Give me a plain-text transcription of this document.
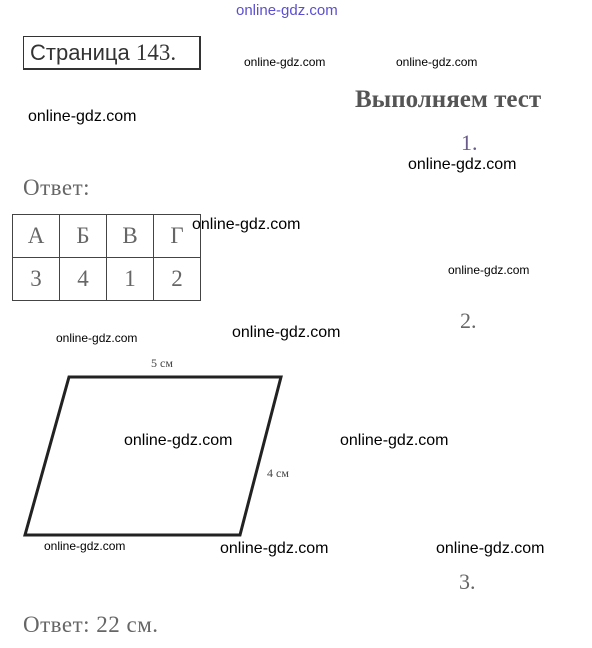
online-gdz.com
online-gdz.com	online-gdz.com
online-gdz.com
online-gdz.com
online-gdz.com
online-gdz.com
online-gdz.com	online-gdz.com
online-gdz.com	online-gdz.com
online-gdz.com	online-gdz.com	online-gdz.com
Страница 143.
Выполняем тест
1.
Ответ:
А	Б	В	Г
3	4	1	2
2.
5 см
4 см
3.
Ответ: 22 см.
